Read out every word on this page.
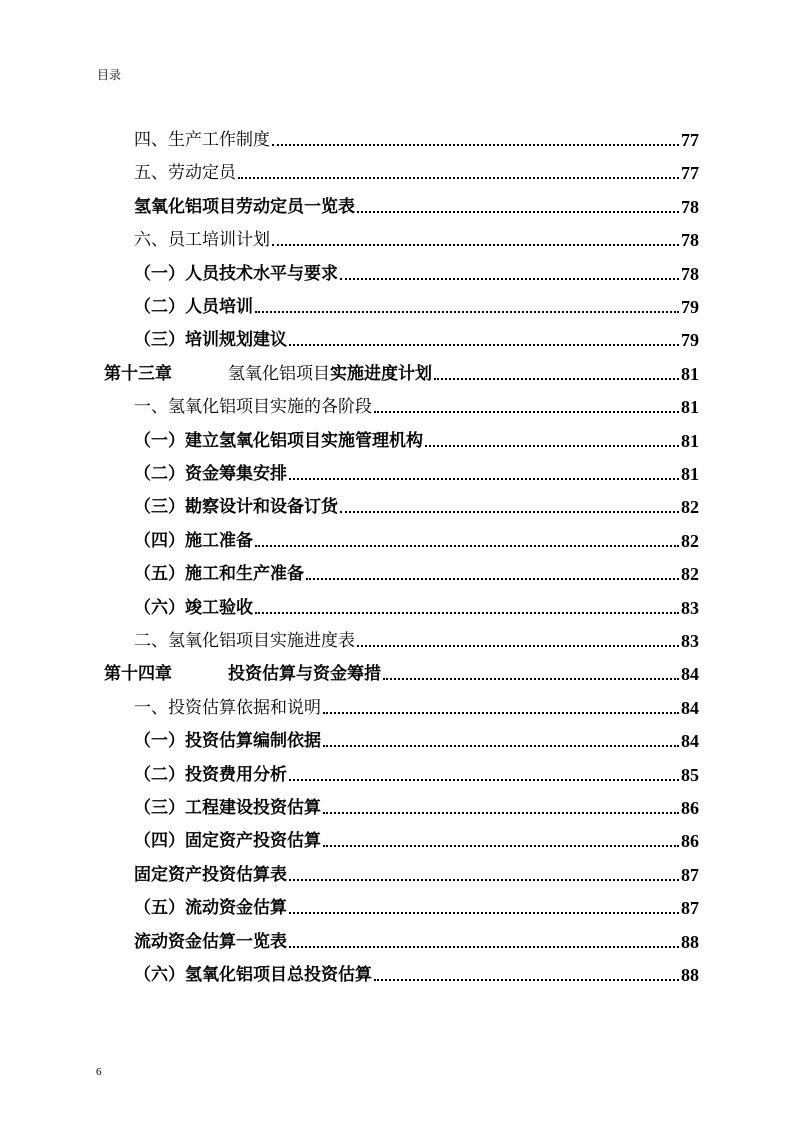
目录
四、生产工作制度	77
五、劳动定员	77
氢氧化铝项目劳动定员一览表	78
六、员工培训计划	78
（一）人员技术水平与要求	78
（二）人员培训	79
（三）培训规划建议	79
第十三章	氢氧化铝项目实施进度计划	81
一、氢氧化铝项目实施的各阶段	81
（一）建立氢氧化铝项目实施管理机构	81
（二）资金筹集安排	81
（三）勘察设计和设备订货	82
（四）施工准备	82
（五）施工和生产准备	82
（六）竣工验收	83
二、氢氧化铝项目实施进度表	83
第十四章	投资估算与资金筹措	84
一、投资估算依据和说明	84
（一）投资估算编制依据	84
（二）投资费用分析	85
（三）工程建设投资估算	86
（四）固定资产投资估算	86
固定资产投资估算表	87
（五）流动资金估算	87
流动资金估算一览表	88
（六）氢氧化铝项目总投资估算	88
6
